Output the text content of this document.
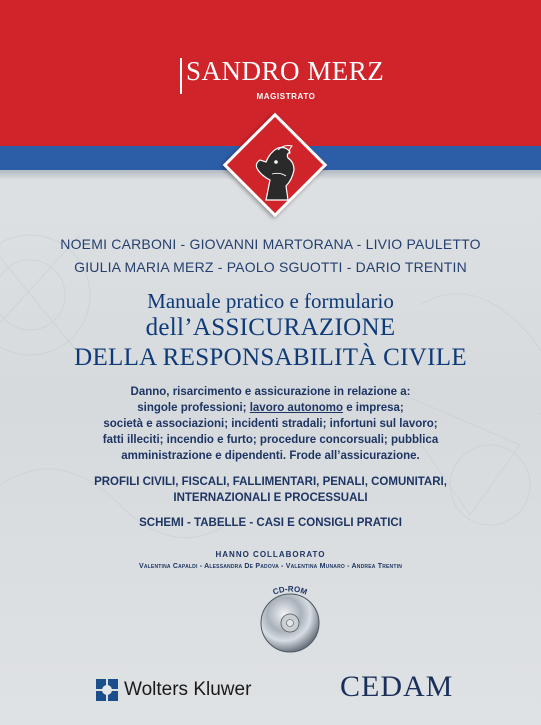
SANDRO MERZ
MAGISTRATO
NOEMI CARBONI - GIOVANNI MARTORANA - LIVIO PAULETTO
GIULIA MARIA MERZ - PAOLO SGUOTTI - DARIO TRENTIN
Manuale pratico e formulario
dell’ASSICURAZIONE
DELLA RESPONSABILITÀ CIVILE
Danno, risarcimento e assicurazione in relazione a:
singole professioni; lavoro autonomo e impresa;
società e associazioni; incidenti stradali; infortuni sul lavoro;
fatti illeciti; incendio e furto; procedure concorsuali; pubblica
amministrazione e dipendenti. Frode all’assicurazione.
PROFILI CIVILI, FISCALI, FALLIMENTARI, PENALI, COMUNITARI,
INTERNAZIONALI E PROCESSUALI
SCHEMI - TABELLE - CASI E CONSIGLI PRATICI
HANNO COLLABORATO
Valentina Capaldi - Alessandra De Padova - Valentina Munaro - Andrea Trentin
CD-ROM
Wolters Kluwer	CEDAM
